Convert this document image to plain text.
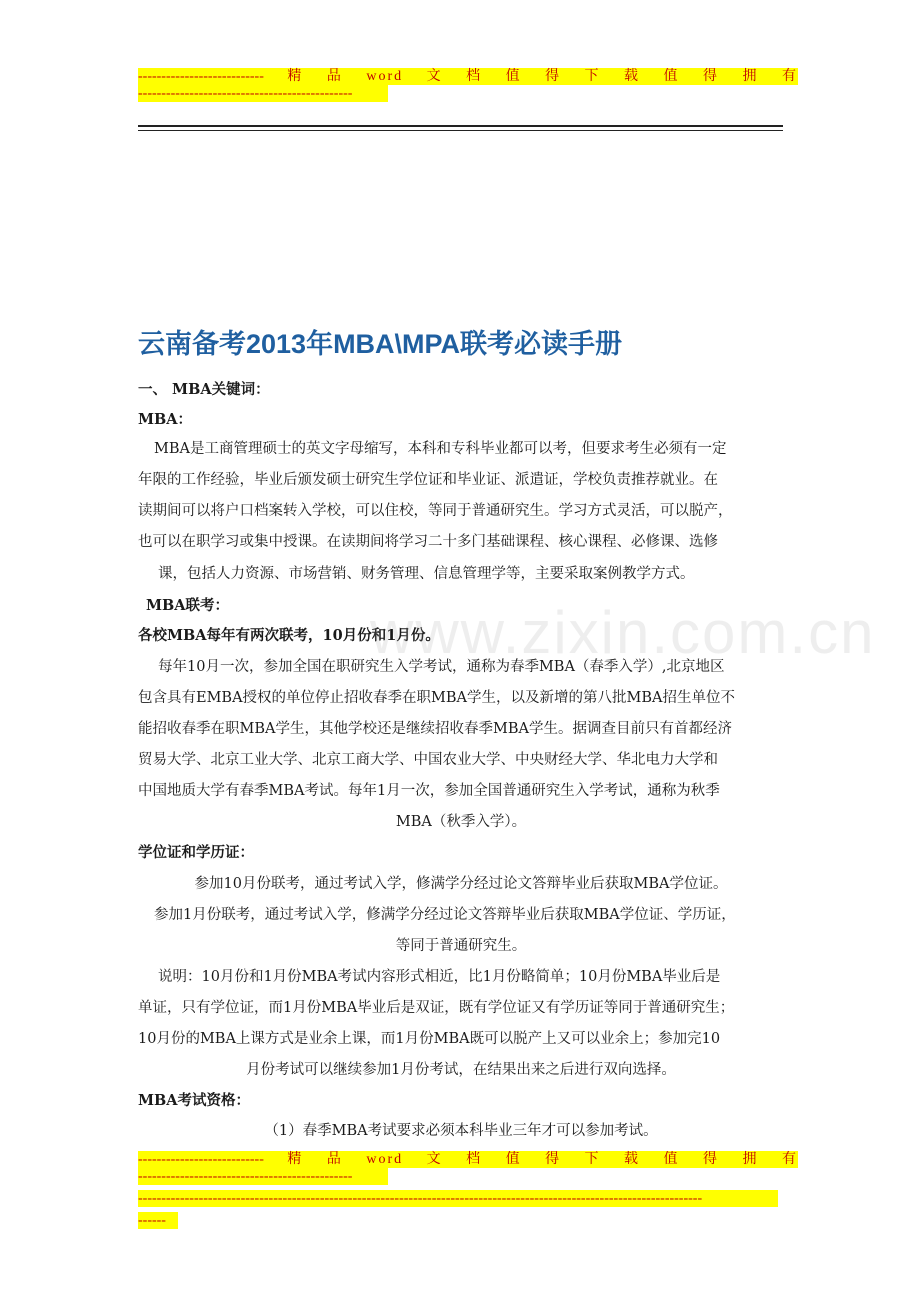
--------------------------- 精 品 word 文 档 值 得 下 载 值 得 拥 有
----------------------------------------------
云南备考2013年MBA\MPA联考必读手册
一、 MBA关键词：
MBA：
MBA是工商管理硕士的英文字母缩写，本科和专科毕业都可以考，但要求考生必须有一定
年限的工作经验，毕业后颁发硕士研究生学位证和毕业证、派遣证，学校负责推荐就业。在
读期间可以将户口档案转入学校，可以住校，等同于普通研究生。学习方式灵活，可以脱产，
也可以在职学习或集中授课。在读期间将学习二十多门基础课程、核心课程、必修课、选修
课，包括人力资源、市场营销、财务管理、信息管理学等，主要采取案例教学方式。
MBA联考：
各校MBA每年有两次联考，10月份和1月份。
www.zixin.com.cn
每年10月一次，参加全国在职研究生入学考试，通称为春季MBA（春季入学）,北京地区
包含具有EMBA授权的单位停止招收春季在职MBA学生，以及新增的第八批MBA招生单位不
能招收春季在职MBA学生，其他学校还是继续招收春季MBA学生。据调查目前只有首都经济
贸易大学、北京工业大学、北京工商大学、中国农业大学、中央财经大学、华北电力大学和
中国地质大学有春季MBA考试。每年1月一次，参加全国普通研究生入学考试，通称为秋季
MBA（秋季入学）。
学位证和学历证：
参加10月份联考，通过考试入学，修满学分经过论文答辩毕业后获取MBA学位证。
参加1月份联考，通过考试入学，修满学分经过论文答辩毕业后获取MBA学位证、学历证，
等同于普通研究生。
说明：10月份和1月份MBA考试内容形式相近，比1月份略简单；10月份MBA毕业后是
单证，只有学位证，而1月份MBA毕业后是双证，既有学位证又有学历证等同于普通研究生；
10月份的MBA上课方式是业余上课，而1月份MBA既可以脱产上又可以业余上；参加完10
月份考试可以继续参加1月份考试，在结果出来之后进行双向选择。
MBA考试资格：
（1）春季MBA考试要求必须本科毕业三年才可以参加考试。
--------------------------- 精 品 word 文 档 值 得 下 载 值 得 拥 有
----------------------------------------------
-------------------------------------------------------------------------------------------------------------------------
------
